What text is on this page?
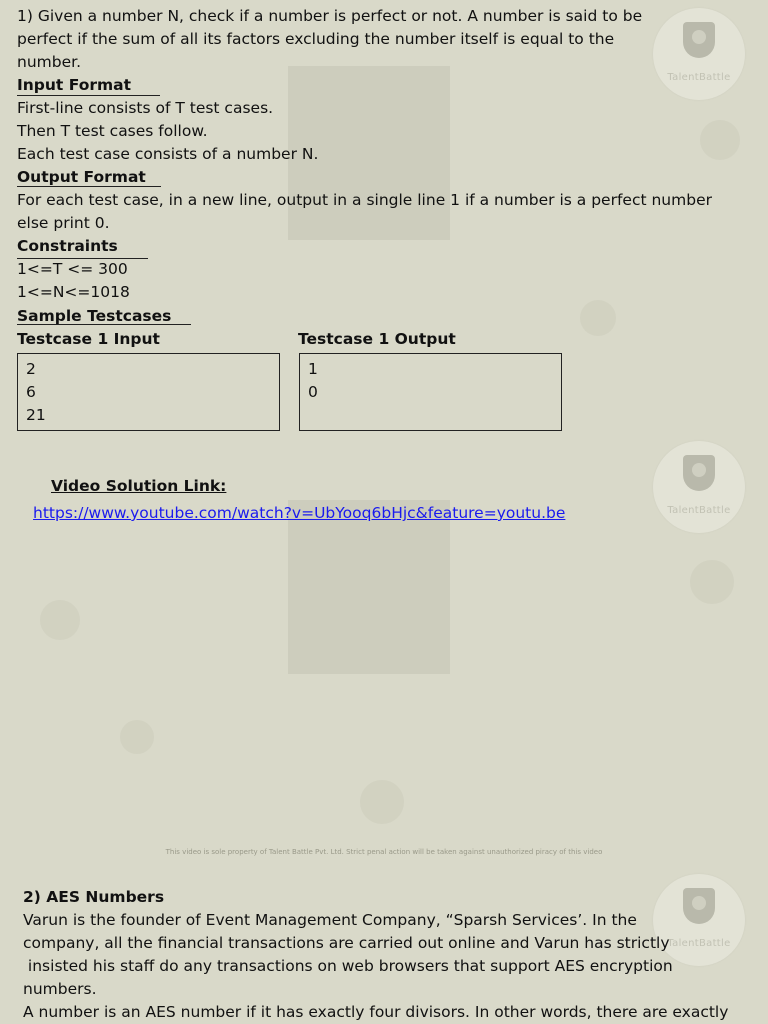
TalentBattle
TalentBattle
TalentBattle
1) Given a number N, check if a number is perfect or not. A number is said to be
perfect if the sum of all its factors excluding the number itself is equal to the
number.
Input Format
First-line consists of T test cases.
Then T test cases follow.
Each test case consists of a number N.
Output Format
For each test case, in a new line, output in a single line 1 if a number is a perfect number
else print 0.
Constraints
1<=T <= 300
1<=N<=1018
Sample Testcases
Testcase 1 Input	Testcase 1 Output
2
6
21
1
0
Video Solution Link:
https://www.youtube.com/watch?v=UbYooq6bHjc&feature=youtu.be
This video is sole property of Talent Battle Pvt. Ltd. Strict penal action will be taken against unauthorized piracy of this video
2) AES Numbers
Varun is the founder of Event Management Company, “Sparsh Services’. In the
company, all the financial transactions are carried out online and Varun has strictly
insisted his staff do any transactions on web browsers that support AES encryption
numbers.
A number is an AES number if it has exactly four divisors. In other words, there are exactly
